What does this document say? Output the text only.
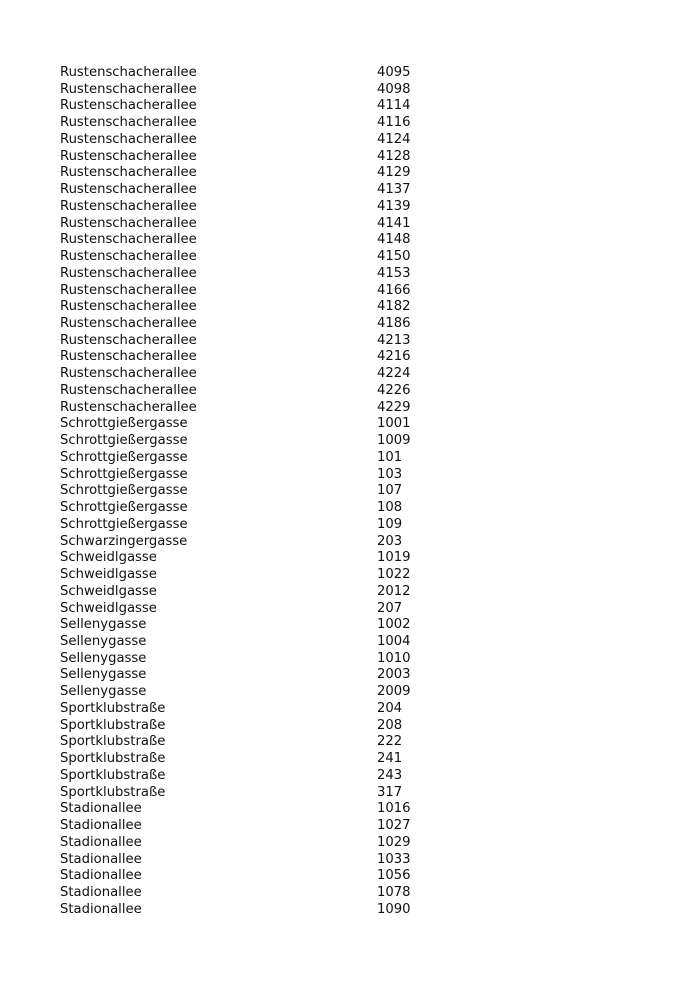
Rustenschacherallee	4095
Rustenschacherallee	4098
Rustenschacherallee	4114
Rustenschacherallee	4116
Rustenschacherallee	4124
Rustenschacherallee	4128
Rustenschacherallee	4129
Rustenschacherallee	4137
Rustenschacherallee	4139
Rustenschacherallee	4141
Rustenschacherallee	4148
Rustenschacherallee	4150
Rustenschacherallee	4153
Rustenschacherallee	4166
Rustenschacherallee	4182
Rustenschacherallee	4186
Rustenschacherallee	4213
Rustenschacherallee	4216
Rustenschacherallee	4224
Rustenschacherallee	4226
Rustenschacherallee	4229
Schrottgießergasse	1001
Schrottgießergasse	1009
Schrottgießergasse	101
Schrottgießergasse	103
Schrottgießergasse	107
Schrottgießergasse	108
Schrottgießergasse	109
Schwarzingergasse	203
Schweidlgasse	1019
Schweidlgasse	1022
Schweidlgasse	2012
Schweidlgasse	207
Sellenygasse	1002
Sellenygasse	1004
Sellenygasse	1010
Sellenygasse	2003
Sellenygasse	2009
Sportklubstraße	204
Sportklubstraße	208
Sportklubstraße	222
Sportklubstraße	241
Sportklubstraße	243
Sportklubstraße	317
Stadionallee	1016
Stadionallee	1027
Stadionallee	1029
Stadionallee	1033
Stadionallee	1056
Stadionallee	1078
Stadionallee	1090
